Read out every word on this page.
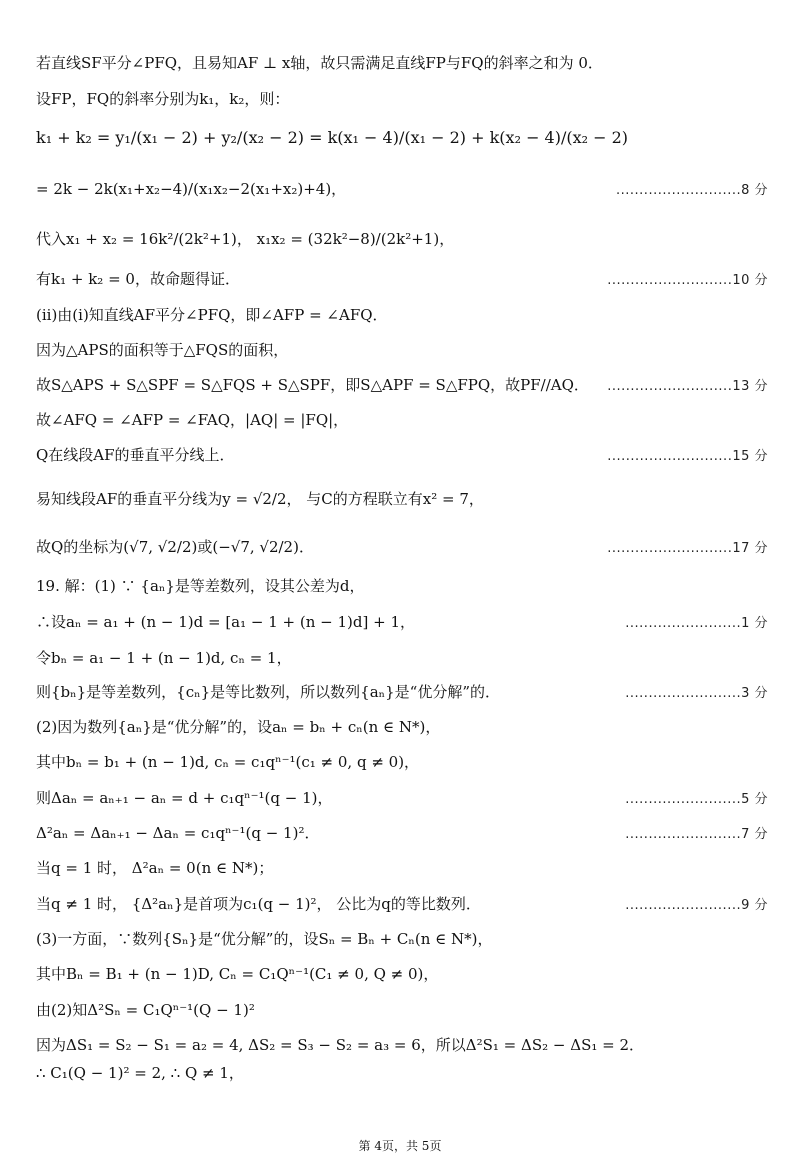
若直线SF平分∠PFQ，且易知AF ⊥ x轴，故只需满足直线FP与FQ的斜率之和为 0．
设FP，FQ的斜率分别为k₁，k₂，则：
k₁ + k₂ = y₁/(x₁ − 2) + y₂/(x₂ − 2) = k(x₁ − 4)/(x₁ − 2) + k(x₂ − 4)/(x₂ − 2)
= 2k − 2k(x₁+x₂−4)/(x₁x₂−2(x₁+x₂)+4)，	...........................8 分
代入x₁ + x₂ = 16k²/(2k²+1)， x₁x₂ = (32k²−8)/(2k²+1)，
有k₁ + k₂ = 0，故命题得证．	...........................10 分
(ii)由(i)知直线AF平分∠PFQ，即∠AFP = ∠AFQ．
因为△APS的面积等于△FQS的面积，
故S△APS + S△SPF = S△FQS + S△SPF，即S△APF = S△FPQ，故PF//AQ． ...........................13 分
故∠AFQ = ∠AFP = ∠FAQ，|AQ| = |FQ|，
Q在线段AF的垂直平分线上．	...........................15 分
易知线段AF的垂直平分线为y = √2/2， 与C的方程联立有x² = 7，
故Q的坐标为(√7, √2/2)或(−√7, √2/2)．	...........................17 分
19. 解：(1) ∵ {aₙ}是等差数列，设其公差为d，
∴设aₙ = a₁ + (n − 1)d = [a₁ − 1 + (n − 1)d] + 1，	.........................1 分
令bₙ = a₁ − 1 + (n − 1)d, cₙ = 1，
则{bₙ}是等差数列，{cₙ}是等比数列，所以数列{aₙ}是“优分解”的．	.........................3 分
(2)因为数列{aₙ}是“优分解”的，设aₙ = bₙ + cₙ(n ∈ N*)，
其中bₙ = b₁ + (n − 1)d, cₙ = c₁qⁿ⁻¹(c₁ ≠ 0, q ≠ 0)，
则Δaₙ = aₙ₊₁ − aₙ = d + c₁qⁿ⁻¹(q − 1)，	.........................5 分
Δ²aₙ = Δaₙ₊₁ − Δaₙ = c₁qⁿ⁻¹(q − 1)²．	.........................7 分
当q = 1 时， Δ²aₙ = 0(n ∈ N*)；
当q ≠ 1 时， {Δ²aₙ}是首项为c₁(q − 1)²， 公比为q的等比数列．	.........................9 分
(3)一方面，∵数列{Sₙ}是“优分解”的，设Sₙ = Bₙ + Cₙ(n ∈ N*)，
其中Bₙ = B₁ + (n − 1)D, Cₙ = C₁Qⁿ⁻¹(C₁ ≠ 0, Q ≠ 0)，
由(2)知Δ²Sₙ = C₁Qⁿ⁻¹(Q − 1)²
因为ΔS₁ = S₂ − S₁ = a₂ = 4, ΔS₂ = S₃ − S₂ = a₃ = 6，所以Δ²S₁ = ΔS₂ − ΔS₁ = 2．
∴ C₁(Q − 1)² = 2, ∴ Q ≠ 1，
第 4页，共 5页
